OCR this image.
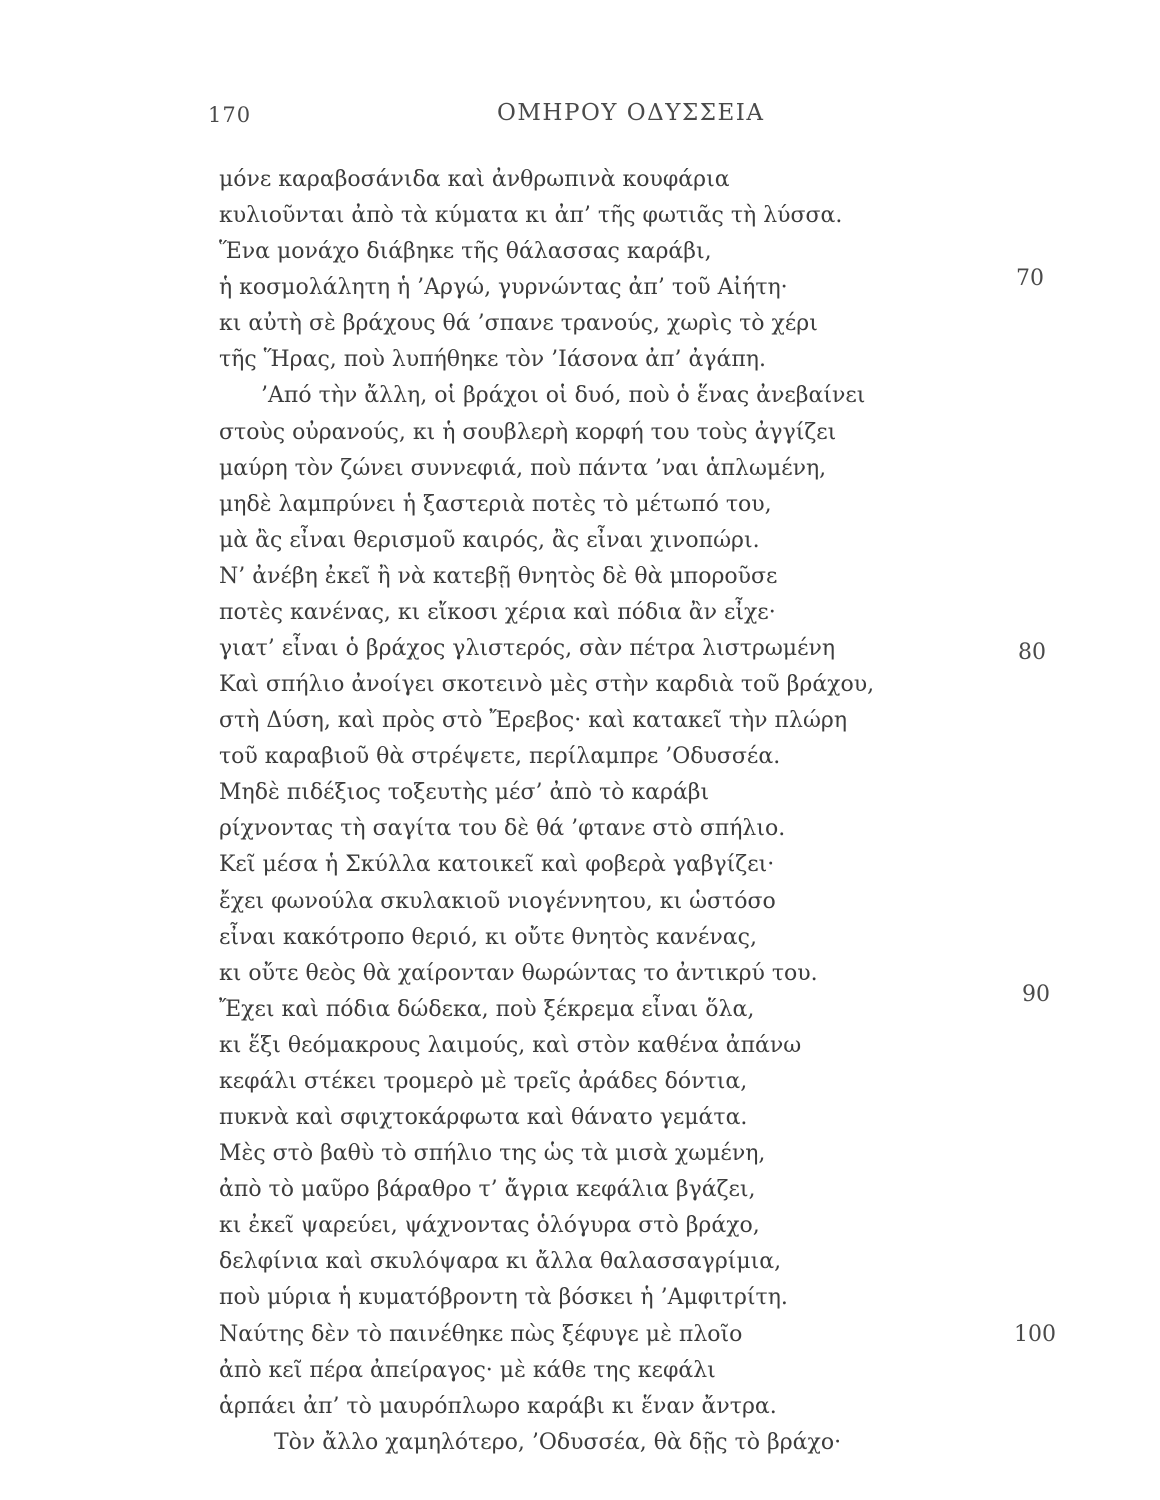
170	ΟΜΗΡΟΥ ΟΔΥΣΣΕΙΑ
μόνε καραβοσάνιδα καὶ ἀνθρωπινὰ κουφάρια
κυλιοῦνται ἀπὸ τὰ κύματα κι ἀπ’ τῆς φωτιᾶς τὴ λύσσα.
Ἕνα μονάχο διάβηκε τῆς θάλασσας καράβι,
ἡ κοσμολάλητη ἡ ’Αργώ, γυρνώντας ἀπ’ τοῦ Αἰήτη·
κι αὐτὴ σὲ βράχους θά ’σπανε τρανούς, χωρὶς τὸ χέρι
τῆς Ἥρας, ποὺ λυπήθηκε τὸν ’Ιάσονα ἀπ’ ἀγάπη.
’Από τὴν ἄλλη, οἱ βράχοι οἱ δυό, ποὺ ὁ ἕνας ἀνεβαίνει
στοὺς οὐρανούς, κι ἡ σουβλερὴ κορφή του τοὺς ἀγγίζει
μαύρη τὸν ζώνει συννεφιά, ποὺ πάντα ’ναι ἁπλωμένη,
μηδὲ λαμπρύνει ἡ ξαστεριὰ ποτὲς τὸ μέτωπό του,
μὰ ἂς εἶναι θερισμοῦ καιρός, ἂς εἶναι χινοπώρι.
Ν’ ἀνέβη ἐκεῖ ἢ νὰ κατεβῇ θνητὸς δὲ θὰ μποροῦσε
ποτὲς κανένας, κι εἴκοσι χέρια καὶ πόδια ἂν εἶχε·
γιατ’ εἶναι ὁ βράχος γλιστερός, σὰν πέτρα λιστρωμένη
Καὶ σπήλιο ἀνοίγει σκοτεινὸ μὲς στὴν καρδιὰ τοῦ βράχου,
στὴ Δύση, καὶ πρὸς στὸ Ἔρεβος· καὶ κατακεῖ τὴν πλώρη
τοῦ καραβιοῦ θὰ στρέψετε, περίλαμπρε ’Οδυσσέα.
Μηδὲ πιδέξιος τοξευτὴς μέσ’ ἀπὸ τὸ καράβι
ρίχνοντας τὴ σαγίτα του δὲ θά ’φτανε στὸ σπήλιο.
Κεῖ μέσα ἡ Σκύλλα κατοικεῖ καὶ φοβερὰ γαβγίζει·
ἔχει φωνούλα σκυλακιοῦ νιογέννητου, κι ὡστόσο
εἶναι κακότροπο θεριό, κι οὔτε θνητὸς κανένας,
κι οὔτε θεὸς θὰ χαίρονταν θωρώντας το ἀντικρύ του.
Ἔχει καὶ πόδια δώδεκα, ποὺ ξέκρεμα εἶναι ὅλα,
κι ἕξι θεόμακρους λαιμούς, καὶ στὸν καθένα ἀπάνω
κεφάλι στέκει τρομερὸ μὲ τρεῖς ἀράδες δόντια,
πυκνὰ καὶ σφιχτοκάρφωτα καὶ θάνατο γεμάτα.
Μὲς στὸ βαθὺ τὸ σπήλιο της ὡς τὰ μισὰ χωμένη,
ἀπὸ τὸ μαῦρο βάραθρο τ’ ἄγρια κεφάλια βγάζει,
κι ἐκεῖ ψαρεύει, ψάχνοντας ὁλόγυρα στὸ βράχο,
δελφίνια καὶ σκυλόψαρα κι ἄλλα θαλασσαγρίμια,
ποὺ μύρια ἡ κυματόβροντη τὰ βόσκει ἡ ’Αμφιτρίτη.
Ναύτης δὲν τὸ παινέθηκε πὼς ξέφυγε μὲ πλοῖο
ἀπὸ κεῖ πέρα ἀπείραγος· μὲ κάθε της κεφάλι
ἁρπάει ἀπ’ τὸ μαυρόπλωρο καράβι κι ἕναν ἄντρα.
Τὸν ἄλλο χαμηλότερο, ’Οδυσσέα, θὰ δῇς τὸ βράχο·
70
80
90
100
